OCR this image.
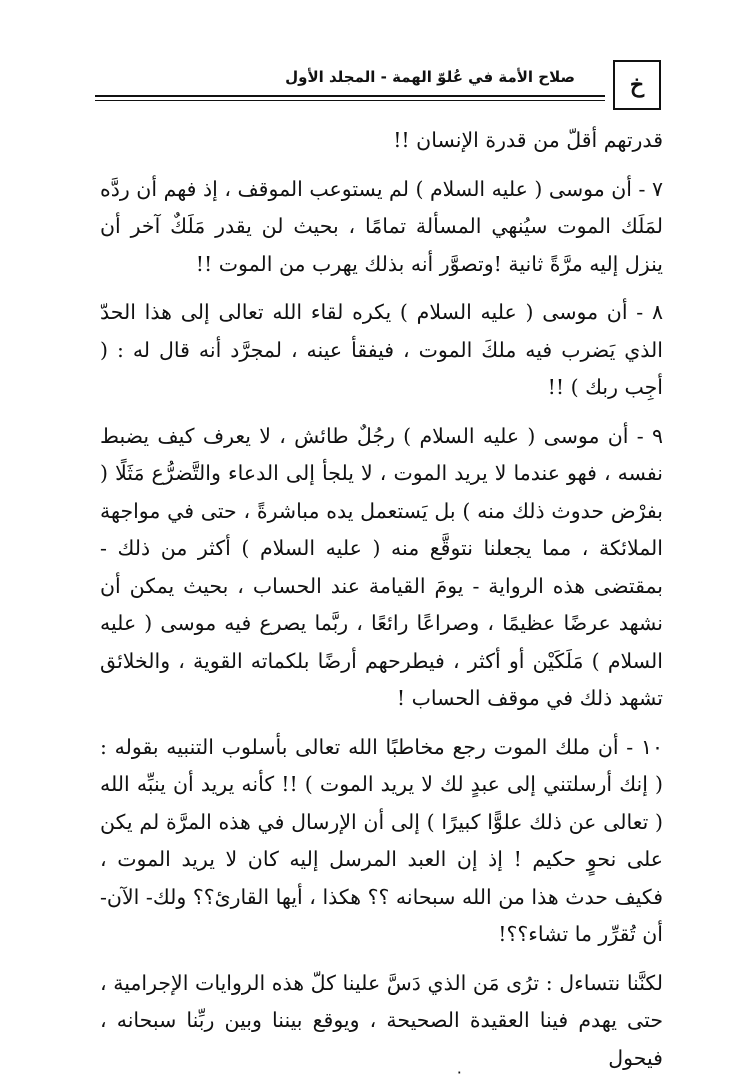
خ
صلاح الأمة في عُلوّ الهمة - المجلد الأول

قدرتهم أقلّ من قدرة الإنسان !!

٧ - أن موسى ( عليه السلام ) لم يستوعب الموقف ، إذ فهم أن ردَّه لمَلَك الموت سيُنهي المسألة تمامًا ، بحيث لن يقدر مَلَكٌ آخر أن ينزل إليه مرَّةً ثانية !وتصوَّر أنه بذلك يهرب من الموت !!

٨ - أن موسى ( عليه السلام ) يكره لقاء الله تعالى إلى هذا الحدّ الذي يَضرب فيه ملكَ الموت ، فيفقأ عينه ، لمجرَّد أنه قال له : ( أجِب ربك ) !!

٩ - أن موسى ( عليه السلام ) رجُلٌ طائش ، لا يعرف كيف يضبط نفسه ، فهو عندما لا يريد الموت ، لا يلجأ إلى الدعاء والتَّضرُّع مَثَلًا ( بفرْض حدوث ذلك منه ) بل يَستعمل يده مباشرةً ، حتى في مواجهة الملائكة ، مما يجعلنا نتوقَّع منه ( عليه السلام ) أكثر من ذلك - بمقتضى هذه الرواية - يومَ القيامة عند الحساب ، بحيث يمكن أن نشهد عرضًا عظيمًا ، وصراعًا رائعًا ، ربَّما يصرع فيه موسى ( عليه السلام ) مَلَكَيْن أو أكثر ، فيطرحهم أرضًا بلكماته القوية ، والخلائق تشهد ذلك في موقف الحساب !

١٠ - أن ملك الموت رجع مخاطبًا الله تعالى بأسلوب التنبيه بقوله : ( إنك أرسلتني إلى عبدٍ لك لا يريد الموت ) !! كأنه يريد أن ينبِّه الله ( تعالى عن ذلك علوًّا كبيرًا ) إلى أن الإرسال في هذه المرَّة لم يكن على نحوٍ حكيم ! إذ إن العبد المرسل إليه كان لا يريد الموت ، فكيف حدث هذا من الله سبحانه ؟؟ هكذا ، أيها القارئ؟؟ ولك- الآن- أن تُقرِّر ما تشاء؟؟!

لكنَّنا نتساءل : ترُى مَن الذي دَسَّ علينا كلّ هذه الروايات الإجرامية ، حتى يهدم فينا العقيدة الصحيحة ، ويوقع بيننا وبين ربِّنا سبحانه ، فيحول

٠
